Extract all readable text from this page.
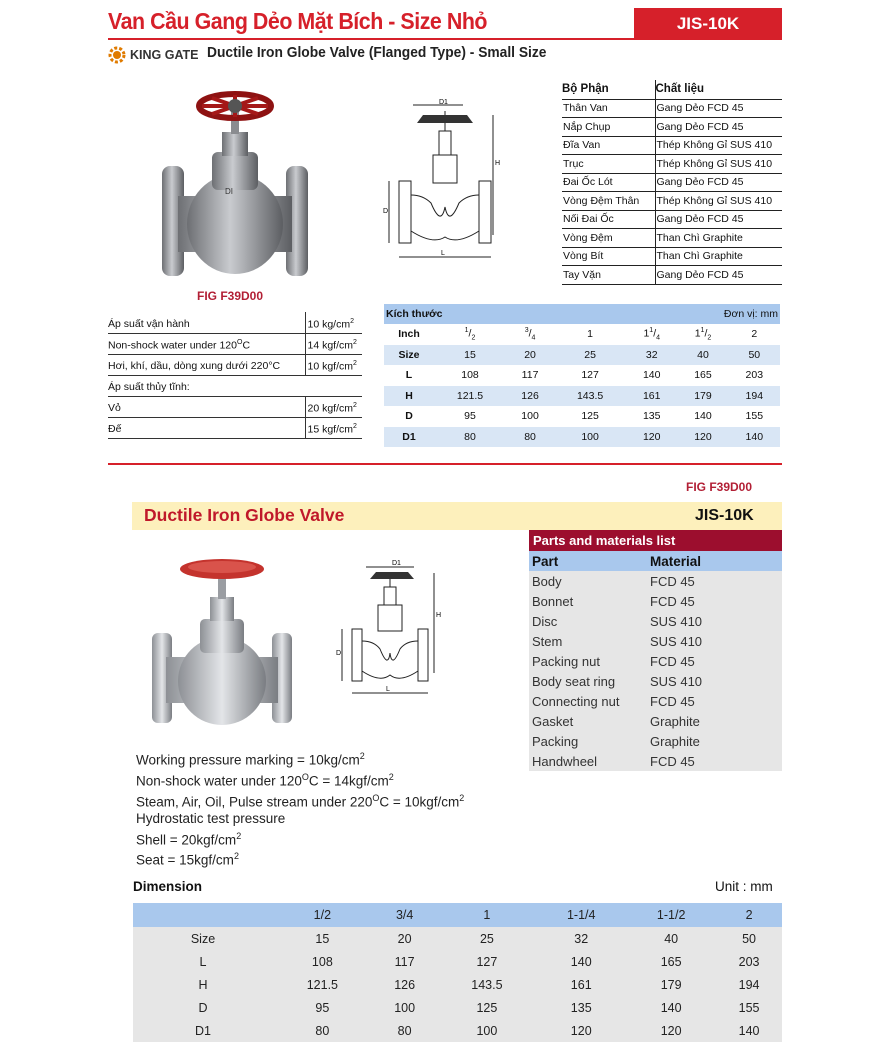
Van Cầu Gang Dẻo Mặt Bích - Size Nhỏ	JIS-10K
KING GATE Ductile Iron Globe Valve (Flanged Type) - Small Size
DI
FIG F39D00
D1
H
D
L
Bộ Phận	Chất liệu
Thân Van	Gang Dẻo FCD 45
Nắp Chụp	Gang Dẻo FCD 45
Đĩa Van	Thép Không Gỉ SUS 410
Trục	Thép Không Gỉ SUS 410
Đai Ốc Lót	Gang Dẻo FCD 45
Vòng Đệm Thân	Thép Không Gỉ SUS 410
Nối Đai Ốc	Gang Dẻo FCD 45
Vòng Đệm	Than Chì Graphite
Vòng Bít	Than Chì Graphite
Tay Vặn	Gang Dẻo FCD 45
Áp suất vận hành	10 $kg/cm^2$
Non-shock water under $120^OC$	14 kgf/$cm^2$
Hơi, khí, dầu, dòng xung dưới 220°C	10 kgf/$cm^2$
Áp suất thủy tĩnh:	
Vỏ	20 kgf/$cm^2$
Đế	15 kgf/$cm^2$
Kích thước				Đơn vị: mm		
Inch	$^1/_2$	$^3/_4$	1	$1^1/_4$	$1^1/_2$	2
Size	15	20	25	32	40	50
L	108	117	127	140	165	203
H	121.5	126	143.5	161	179	194
D	95	100	125	135	140	155
D1	80	80	100	120	120	140
FIG F39D00
Ductile Iron Globe Valve	JIS-10K
D1
H
D
L
Parts and materials list
Part	Material
Body	FCD 45
Bonnet	FCD 45
Disc	SUS 410
Stem	SUS 410
Packing nut	FCD 45
Body seat ring	SUS 410
Connecting nut	FCD 45
Gasket	Graphite
Packing	Graphite
Handwheel	FCD 45
Working pressure marking = $10kg/cm^2$
Non-shock water under $120^OC = 14kgf/cm^2$
Steam, Air, Oil, Pulse stream under $220^OC = 10kgf/cm^2$
Hydrostatic test pressure
Shell = $20kgf/cm^2$
Seat = $15kgf/cm^2$
Dimension	Unit : mm
	1/2	3/4	1	1-1/4	1-1/2	2
Size	15	20	25	32	40	50
L	108	117	127	140	165	203
H	121.5	126	143.5	161	179	194
D	95	100	125	135	140	155
D1	80	80	100	120	120	140
